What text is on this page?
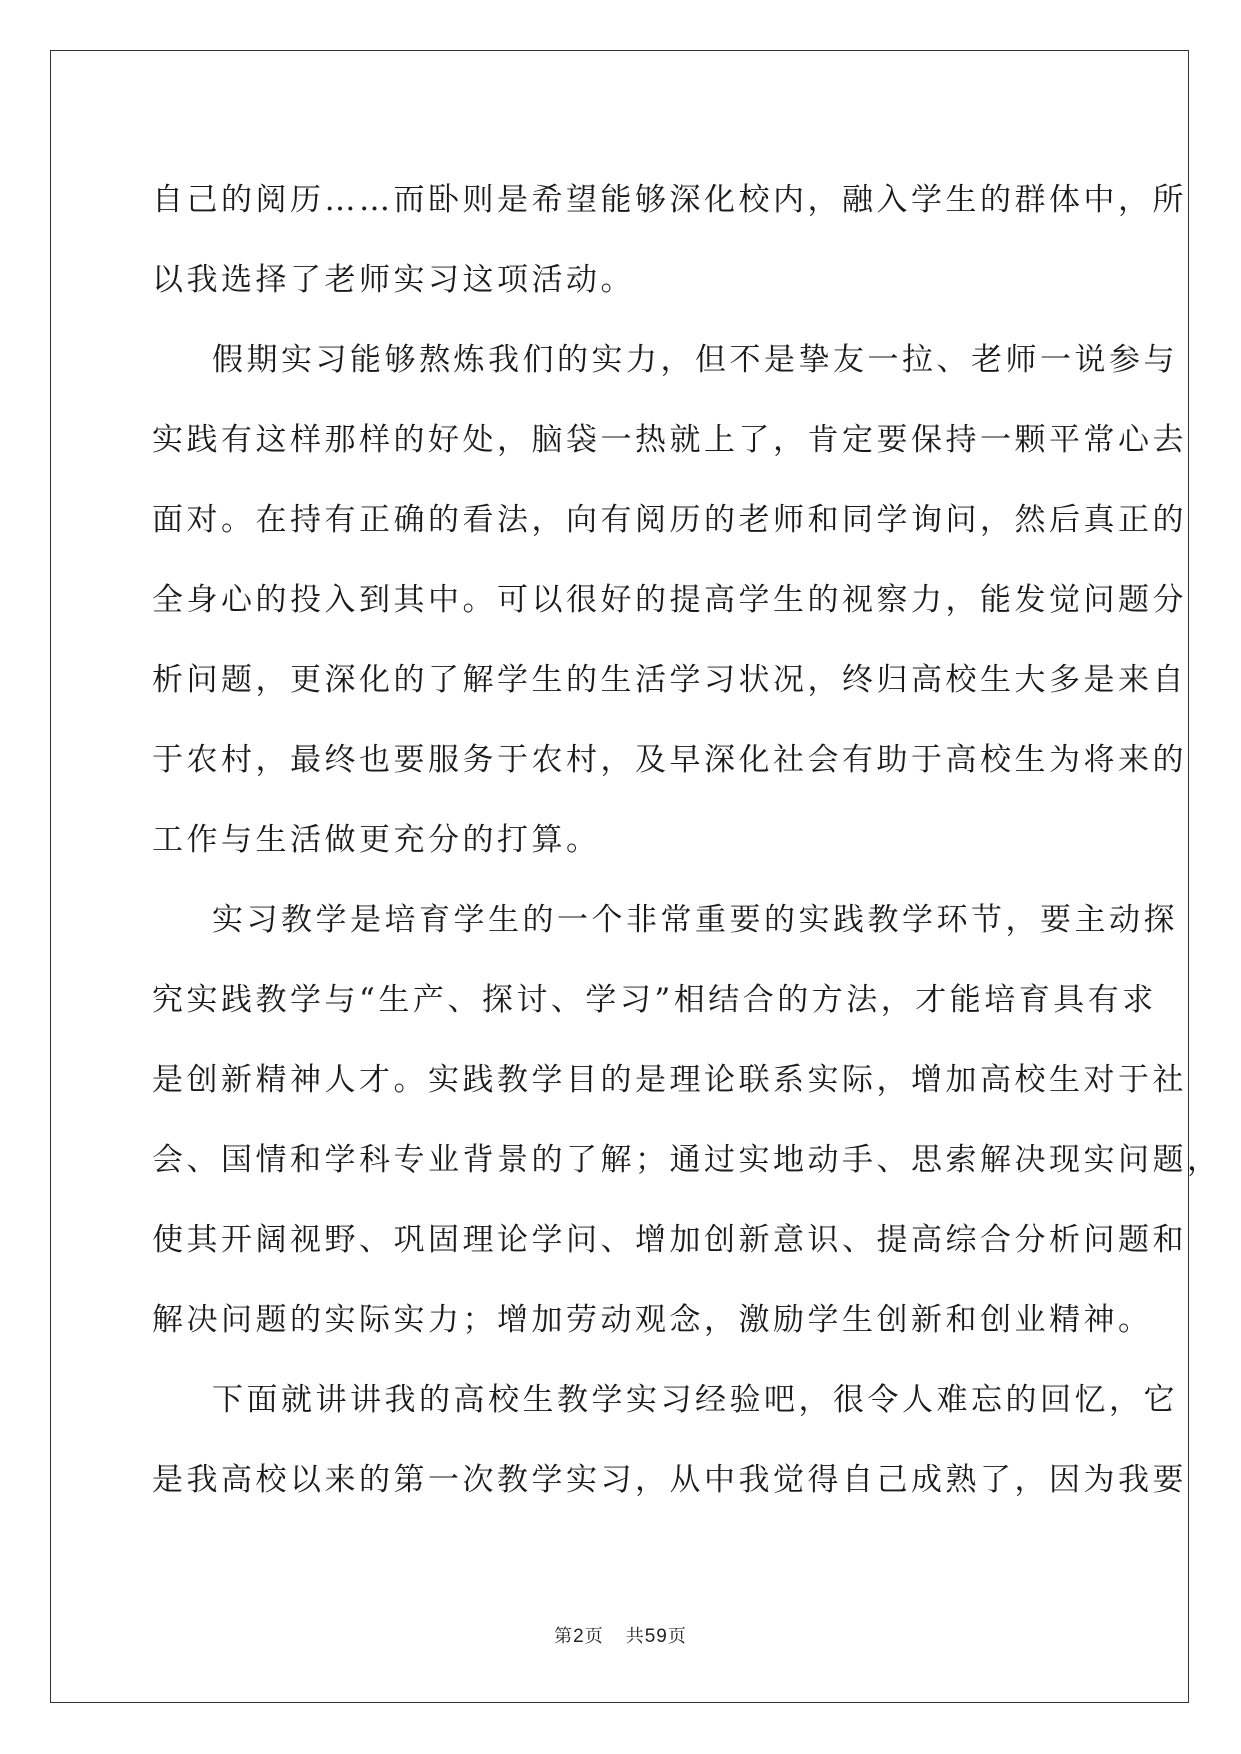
自己的阅历……而卧则是希望能够深化校内，融入学生的群体中，所
以我选择了老师实习这项活动。
假期实习能够熬炼我们的实力，但不是挚友一拉、老师一说参与
实践有这样那样的好处，脑袋一热就上了，肯定要保持一颗平常心去
面对。在持有正确的看法，向有阅历的老师和同学询问，然后真正的
全身心的投入到其中。可以很好的提高学生的视察力，能发觉问题分
析问题，更深化的了解学生的生活学习状况，终归高校生大多是来自
于农村，最终也要服务于农村，及早深化社会有助于高校生为将来的
工作与生活做更充分的打算。
实习教学是培育学生的一个非常重要的实践教学环节，要主动探
究实践教学与“生产、探讨、学习”相结合的方法，才能培育具有求
是创新精神人才。实践教学目的是理论联系实际，增加高校生对于社
会、国情和学科专业背景的了解；通过实地动手、思索解决现实问题，
使其开阔视野、巩固理论学问、增加创新意识、提高综合分析问题和
解决问题的实际实力；增加劳动观念，激励学生创新和创业精神。
下面就讲讲我的高校生教学实习经验吧，很令人难忘的回忆，它
是我高校以来的第一次教学实习，从中我觉得自己成熟了，因为我要
第2页 共59页
